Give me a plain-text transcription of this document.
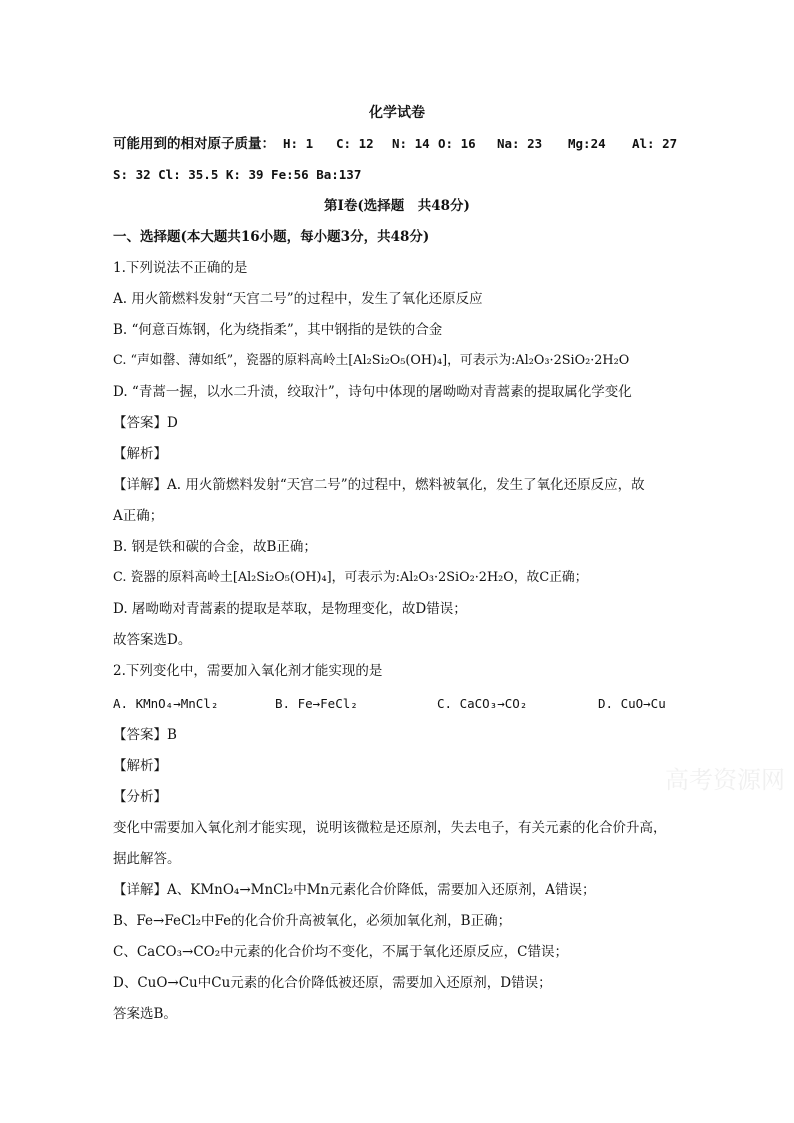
化学试卷
可能用到的相对原子质量： H: 1 C: 12 N: 14 O: 16 Na: 23 Mg:24 Al: 27
S: 32 Cl: 35.5 K: 39 Fe:56 Ba:137
第Ⅰ卷(选择题　共48分)
一、选择题(本大题共16小题，每小题3分，共48分)
1.下列说法不正确的是
A. 用火箭燃料发射“天宫二号”的过程中，发生了氧化还原反应
B. “何意百炼钢，化为绕指柔”，其中钢指的是铁的合金
C. “声如罄、薄如纸”，瓷器的原料高岭土[Al₂Si₂O₅(OH)₄]，可表示为:Al₂O₃·2SiO₂·2H₂O
D. “青蒿一握，以水二升渍，绞取汁”，诗句中体现的屠呦呦对青蒿素的提取属化学变化
【答案】D
【解析】
【详解】A. 用火箭燃料发射“天宫二号”的过程中，燃料被氧化，发生了氧化还原反应，故
A正确；
B. 钢是铁和碳的合金，故B正确；
C. 瓷器的原料高岭土[Al₂Si₂O₅(OH)₄]，可表示为:Al₂O₃·2SiO₂·2H₂O，故C正确；
D. 屠呦呦对青蒿素的提取是萃取，是物理变化，故D错误；
故答案选D。
2.下列变化中，需要加入氧化剂才能实现的是
A. KMnO₄→MnCl₂	B. Fe→FeCl₂	C. CaCO₃→CO₂	D. CuO→Cu
【答案】B
【解析】
【分析】
变化中需要加入氧化剂才能实现，说明该微粒是还原剂，失去电子，有关元素的化合价升高，
据此解答。
【详解】A、KMnO₄→MnCl₂中Mn元素化合价降低，需要加入还原剂，A错误；
B、Fe→FeCl₂中Fe的化合价升高被氧化，必须加氧化剂，B正确；
C、CaCO₃→CO₂中元素的化合价均不变化，不属于氧化还原反应，C错误；
D、CuO→Cu中Cu元素的化合价降低被还原，需要加入还原剂，D错误；
答案选B。
高考资源网
